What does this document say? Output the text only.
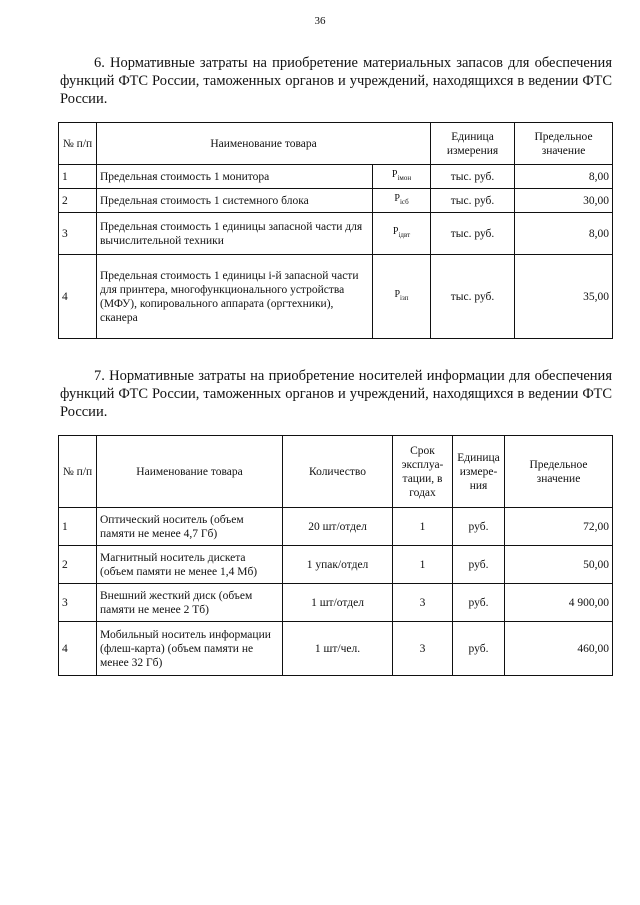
36

6. Нормативные затраты на приобретение материальных запасов для обеспечения функций ФТС России, таможенных органов и учреждений, находящихся в ведении ФТС России.

№ п/п	Наименование товара		Единица измерения	Предельное значение
1	Предельная стоимость 1 монитора	$P_{iмон}$	тыс. руб.	8,00
2	Предельная стоимость 1 системного блока	$P_{iсб}$	тыс. руб.	30,00
3	Предельная стоимость 1 единицы запасной части для вычислительной техники	$P_{iдвт}$	тыс. руб.	8,00
4	Предельная стоимость 1 единицы i-й запасной части для принтера, многофункционального устройства (МФУ), копировального аппарата (оргтехники), сканера	$P_{iзп}$	тыс. руб.	35,00

7. Нормативные затраты на приобретение носителей информации для обеспечения функций ФТС России, таможенных органов и учреждений, находящихся в ведении ФТС России.

№ п/п	Наименование товара	Количество	Срок эксплуа-тации, в годах	Единица измере-ния	Предельное значение
1	Оптический носитель (объем памяти не менее 4,7 Гб)	20 шт/отдел	1	руб.	72,00
2	Магнитный носитель дискета (объем памяти не менее 1,4 Мб)	1 упак/отдел	1	руб.	50,00
3	Внешний жесткий диск (объем памяти не менее 2 Тб)	1 шт/отдел	3	руб.	4 900,00
4	Мобильный носитель информации (флеш-карта) (объем памяти не менее 32 Гб)	1 шт/чел.	3	руб.	460,00
